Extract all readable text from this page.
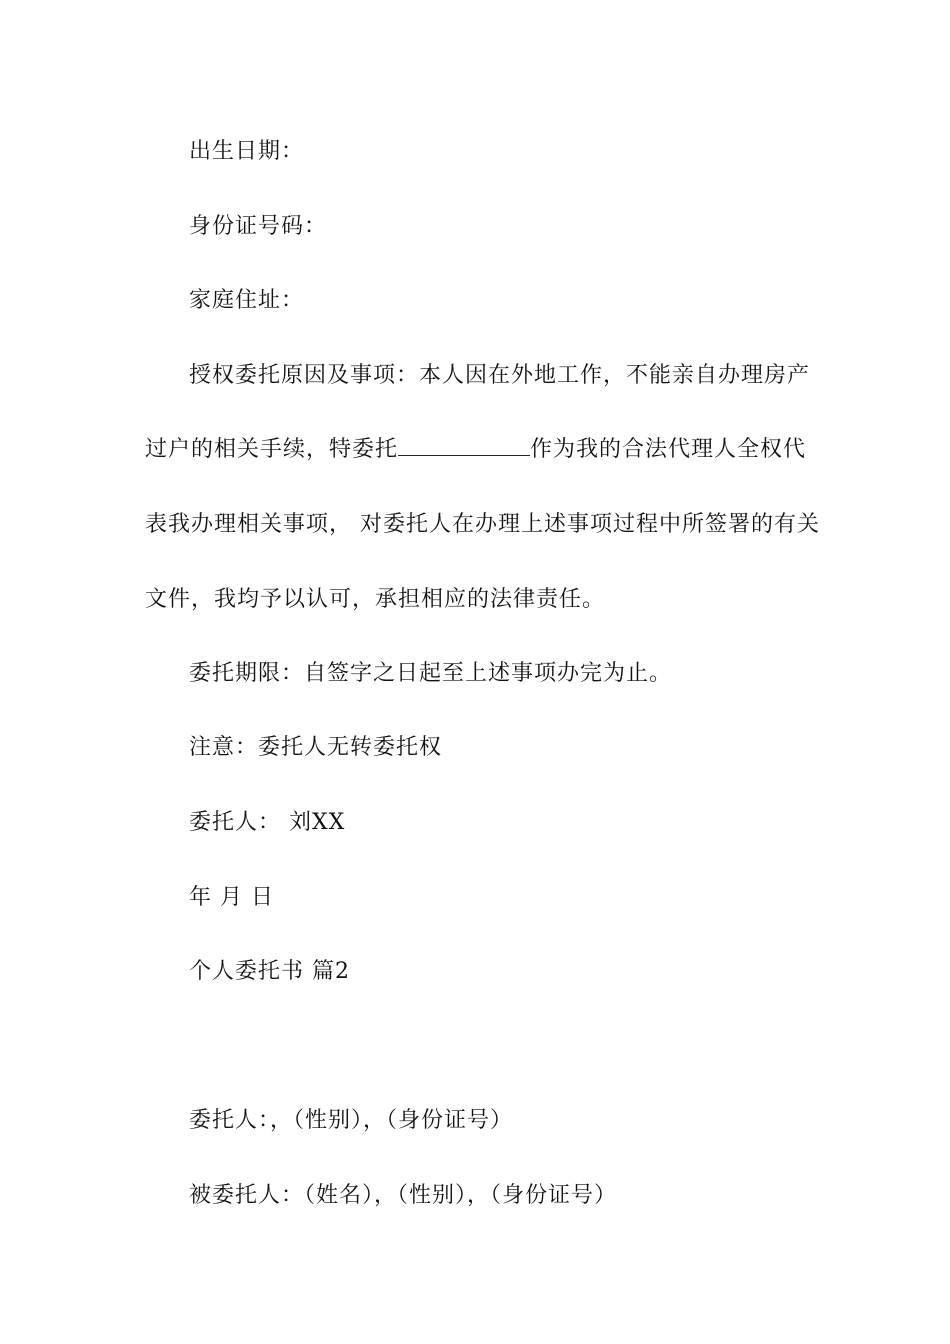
出生日期：
身份证号码：
家庭住址：
授权委托原因及事项：本人因在外地工作，不能亲自办理房产
过户的相关手续，特委托	作为我的合法代理人全权代
表我办理相关事项， 对委托人在办理上述事项过程中所签署的有关
文件，我均予以认可，承担相应的法律责任。
委托期限：自签字之日起至上述事项办完为止。
注意：委托人无转委托权
委托人： 刘XX
年 月 日
个人委托书 篇2
委托人：，（性别），（身份证号）
被委托人：（姓名），（性别），（身份证号）
